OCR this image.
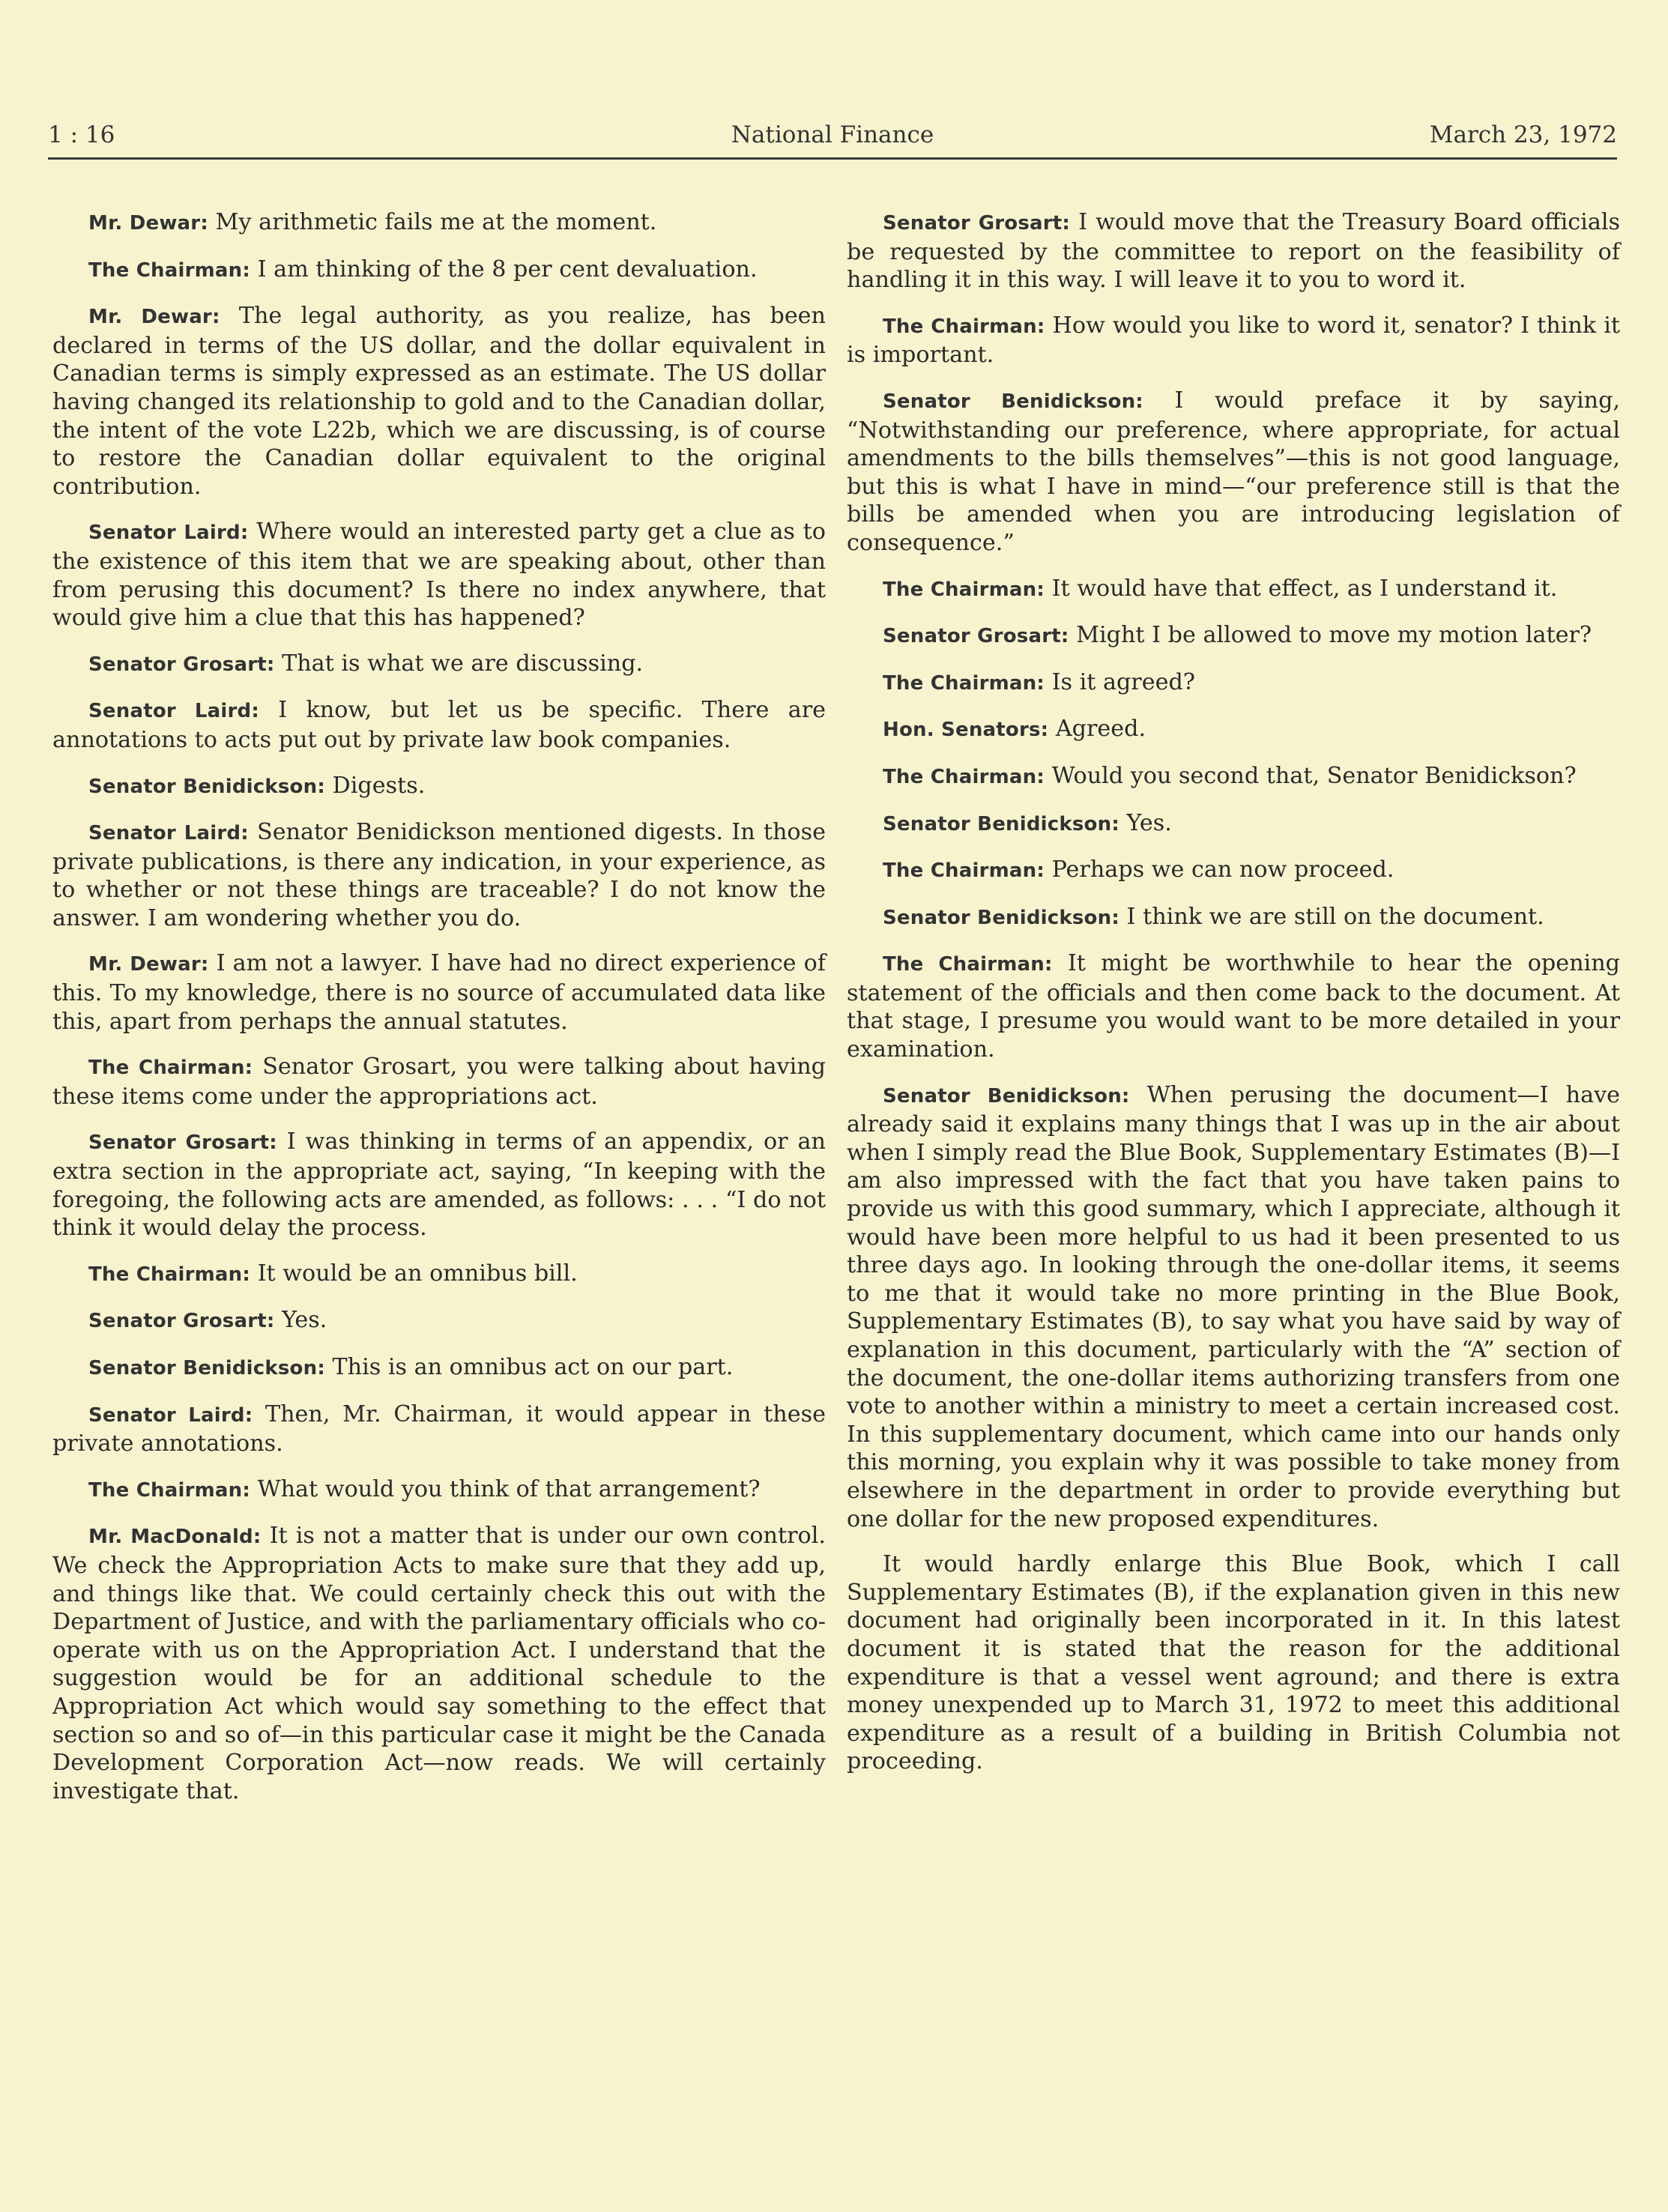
1 : 16	National Finance	March 23, 1972

Mr. Dewar: My arithmetic fails me at the moment.

The Chairman: I am thinking of the 8 per cent devaluation.

Mr. Dewar: The legal authority, as you realize, has been declared in terms of the US dollar, and the dollar equivalent in Canadian terms is simply expressed as an estimate. The US dollar having changed its relationship to gold and to the Canadian dollar, the intent of the vote L22b, which we are discussing, is of course to restore the Canadian dollar equivalent to the original contribution.

Senator Laird: Where would an interested party get a clue as to the existence of this item that we are speaking about, other than from perusing this document? Is there no index anywhere, that would give him a clue that this has happened?

Senator Grosart: That is what we are discussing.

Senator Laird: I know, but let us be specific. There are annotations to acts put out by private law book companies.

Senator Benidickson: Digests.

Senator Laird: Senator Benidickson mentioned digests. In those private publications, is there any indication, in your experience, as to whether or not these things are traceable? I do not know the answer. I am wondering whether you do.

Mr. Dewar: I am not a lawyer. I have had no direct experience of this. To my knowledge, there is no source of accumulated data like this, apart from perhaps the annual statutes.

The Chairman: Senator Grosart, you were talking about having these items come under the appropriations act.

Senator Grosart: I was thinking in terms of an appendix, or an extra section in the appropriate act, saying, “In keeping with the foregoing, the following acts are amended, as follows: . . . “I do not think it would delay the process.

The Chairman: It would be an omnibus bill.

Senator Grosart: Yes.

Senator Benidickson: This is an omnibus act on our part.

Senator Laird: Then, Mr. Chairman, it would appear in these private annotations.

The Chairman: What would you think of that arrangement?

Mr. MacDonald: It is not a matter that is under our own control. We check the Appropriation Acts to make sure that they add up, and things like that. We could certainly check this out with the Department of Justice, and with the parliamentary officials who co-operate with us on the Appropriation Act. I understand that the suggestion would be for an additional schedule to the Appropriation Act which would say something to the effect that section so and so of—in this particular case it might be the Canada Development Corporation Act—now reads. We will certainly investigate that.

Senator Grosart: I would move that the Treasury Board officials be requested by the committee to report on the feasibility of handling it in this way. I will leave it to you to word it.

The Chairman: How would you like to word it, senator? I think it is important.

Senator Benidickson: I would preface it by saying, “Notwithstanding our preference, where appropriate, for actual amendments to the bills themselves”—this is not good language, but this is what I have in mind—“our preference still is that the bills be amended when you are introducing legislation of consequence.”

The Chairman: It would have that effect, as I understand it.

Senator Grosart: Might I be allowed to move my motion later?

The Chairman: Is it agreed?

Hon. Senators: Agreed.

The Chairman: Would you second that, Senator Benidickson?

Senator Benidickson: Yes.

The Chairman: Perhaps we can now proceed.

Senator Benidickson: I think we are still on the document.

The Chairman: It might be worthwhile to hear the opening statement of the officials and then come back to the document. At that stage, I presume you would want to be more detailed in your examination.

Senator Benidickson: When perusing the document—I have already said it explains many things that I was up in the air about when I simply read the Blue Book, Supplementary Estimates (B)—I am also impressed with the fact that you have taken pains to provide us with this good summary, which I appreciate, although it would have been more helpful to us had it been presented to us three days ago. In looking through the one-dollar items, it seems to me that it would take no more printing in the Blue Book, Supplementary Estimates (B), to say what you have said by way of explanation in this document, particularly with the “A” section of the document, the one-dollar items authorizing transfers from one vote to another within a ministry to meet a certain increased cost. In this supplementary document, which came into our hands only this morning, you explain why it was possible to take money from elsewhere in the department in order to provide everything but one dollar for the new proposed expenditures.

It would hardly enlarge this Blue Book, which I call Supplementary Estimates (B), if the explanation given in this new document had originally been incorporated in it. In this latest document it is stated that the reason for the additional expenditure is that a vessel went aground; and there is extra money unexpended up to March 31, 1972 to meet this additional expenditure as a result of a building in British Columbia not proceeding.
